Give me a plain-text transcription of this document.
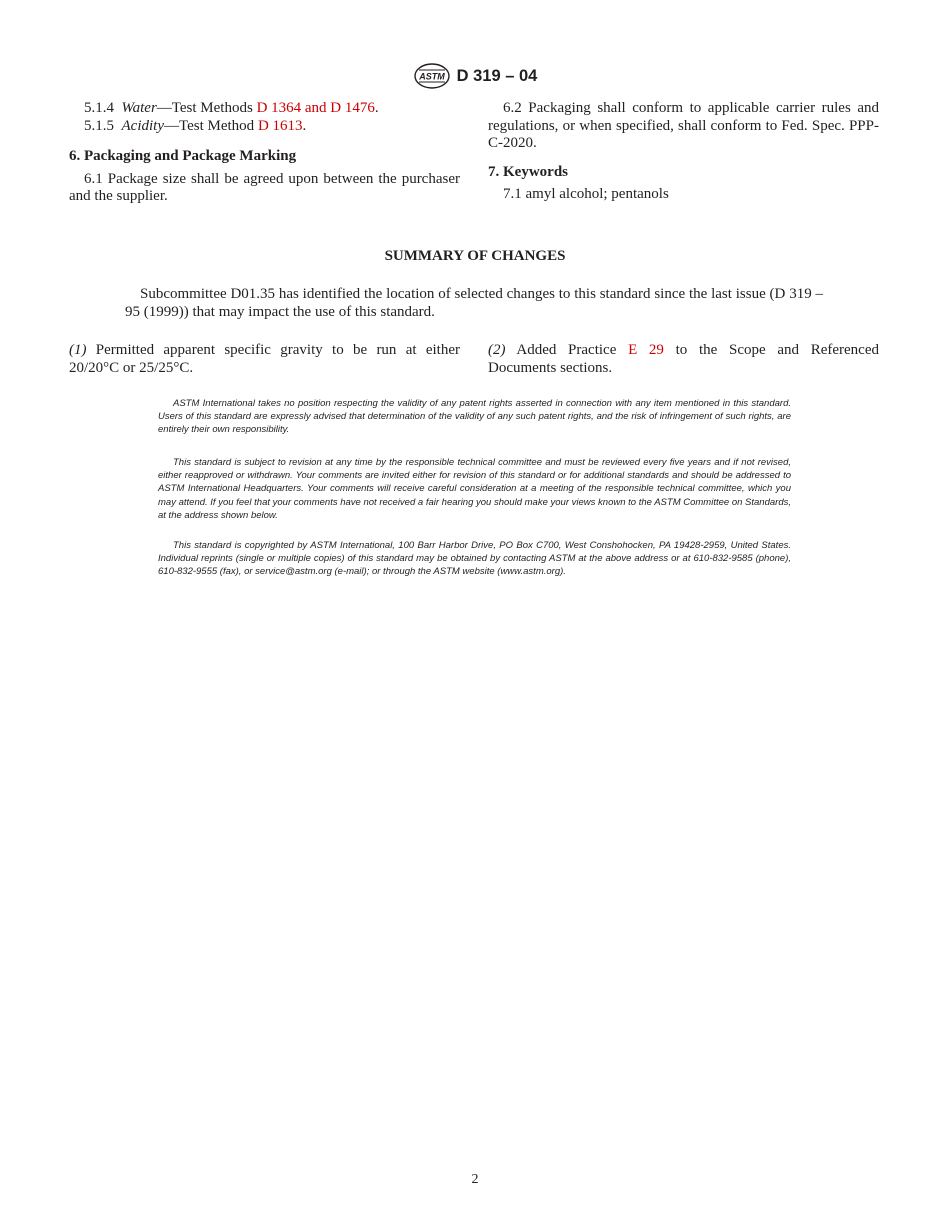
ASTM D 319 – 04

5.1.4 Water—Test Methods D 1364 and D 1476.

5.1.5 Acidity—Test Method D 1613.

6. Packaging and Package Marking

6.1 Package size shall be agreed upon between the purchaser and the supplier.

6.2 Packaging shall conform to applicable carrier rules and regulations, or when specified, shall conform to Fed. Spec. PPP-C-2020.

7. Keywords

7.1 amyl alcohol; pentanols

SUMMARY OF CHANGES

Subcommittee D01.35 has identified the location of selected changes to this standard since the last issue (D 319 – 95 (1999)) that may impact the use of this standard.

(1) Permitted apparent specific gravity to be run at either 20/20°C or 25/25°C.

(2) Added Practice E 29 to the Scope and Referenced Documents sections.

ASTM International takes no position respecting the validity of any patent rights asserted in connection with any item mentioned in this standard. Users of this standard are expressly advised that determination of the validity of any such patent rights, and the risk of infringement of such rights, are entirely their own responsibility.

This standard is subject to revision at any time by the responsible technical committee and must be reviewed every five years and if not revised, either reapproved or withdrawn. Your comments are invited either for revision of this standard or for additional standards and should be addressed to ASTM International Headquarters. Your comments will receive careful consideration at a meeting of the responsible technical committee, which you may attend. If you feel that your comments have not received a fair hearing you should make your views known to the ASTM Committee on Standards, at the address shown below.

This standard is copyrighted by ASTM International, 100 Barr Harbor Drive, PO Box C700, West Conshohocken, PA 19428-2959, United States. Individual reprints (single or multiple copies) of this standard may be obtained by contacting ASTM at the above address or at 610-832-9585 (phone), 610-832-9555 (fax), or service@astm.org (e-mail); or through the ASTM website (www.astm.org).

2
